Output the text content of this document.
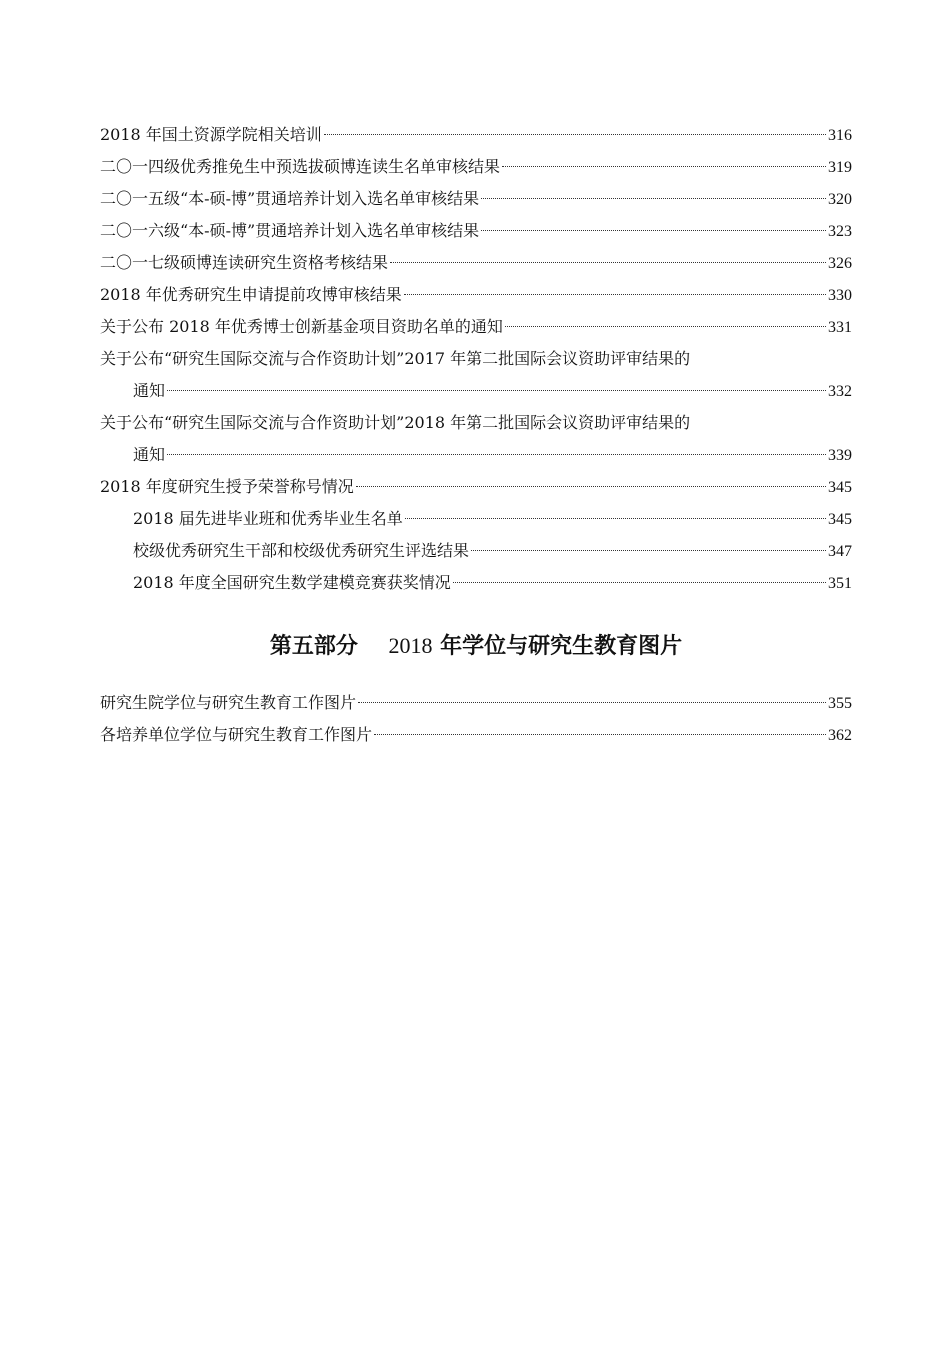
2018 年国土资源学院相关培训	316
二〇一四级优秀推免生中预选拔硕博连读生名单审核结果	319
二〇一五级“本-硕-博”贯通培养计划入选名单审核结果	320
二〇一六级“本-硕-博”贯通培养计划入选名单审核结果	323
二〇一七级硕博连读研究生资格考核结果	326
2018 年优秀研究生申请提前攻博审核结果	330
关于公布 2018 年优秀博士创新基金项目资助名单的通知	331
关于公布“研究生国际交流与合作资助计划”2017 年第二批国际会议资助评审结果的
通知	332
关于公布“研究生国际交流与合作资助计划”2018 年第二批国际会议资助评审结果的
通知	339
2018 年度研究生授予荣誉称号情况	345
2018 届先进毕业班和优秀毕业生名单	345
校级优秀研究生干部和校级优秀研究生评选结果	347
2018 年度全国研究生数学建模竞赛获奖情况	351
第五部分 2018 年学位与研究生教育图片
研究生院学位与研究生教育工作图片	355
各培养单位学位与研究生教育工作图片	362
